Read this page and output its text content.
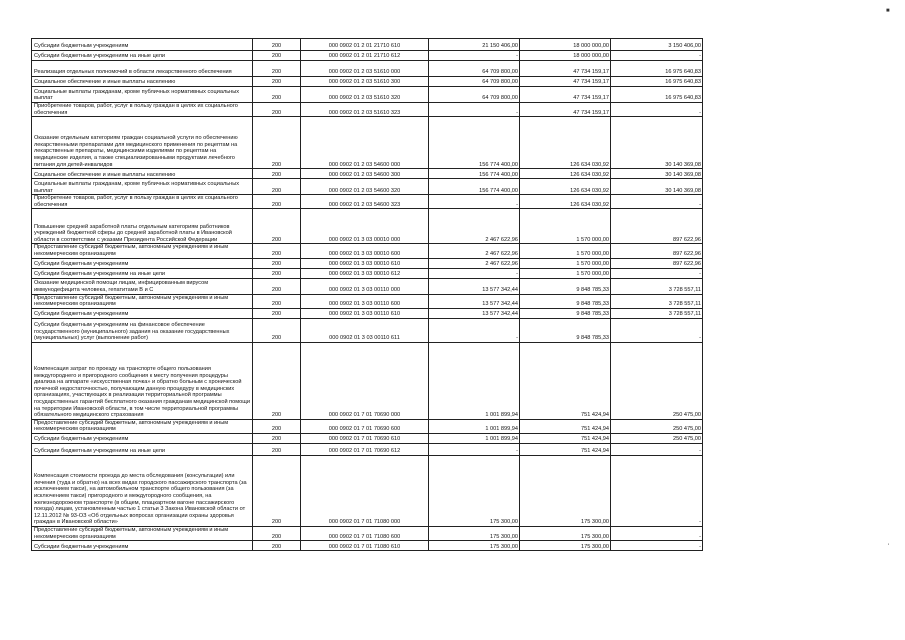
Субсидии бюджетным учреждениям	200	000 0902 01 2 01 21710 610	21 150 406,00	18 000 000,00	3 150 406,00
Субсидии бюджетным учреждениям на иные цели	200	000 0902 01 2 01 21710 612	-	18 000 000,00	-
Реализация отдельных полномочий в области лекарственного обеспечения	200	000 0902 01 2 03 51610 000	64 709 800,00	47 734 159,17	16 975 640,83
Социальное обеспечение и иные выплаты населению	200	000 0902 01 2 03 51610 300	64 709 800,00	47 734 159,17	16 975 640,83
Социальные выплаты гражданам, кроме публичных нормативных социальных выплат	200	000 0902 01 2 03 51610 320	64 709 800,00	47 734 159,17	16 975 640,83
Приобретение товаров, работ, услуг в пользу граждан в целях их социального обеспечения	200	000 0902 01 2 03 51610 323	-	47 734 159,17	-
Оказание отдельным категориям граждан социальной услуги по обеспечению лекарственными препаратами для медицинского применения по рецептам на лекарственные препараты, медицинскими изделиями по рецептам на медицинские изделия, а также специализированными продуктами лечебного питания для детей-инвалидов	200	000 0902 01 2 03 54600 000	156 774 400,00	126 634 030,92	30 140 369,08
Социальное обеспечение и иные выплаты населению	200	000 0902 01 2 03 54600 300	156 774 400,00	126 634 030,92	30 140 369,08
Социальные выплаты гражданам, кроме публичных нормативных социальных выплат	200	000 0902 01 2 03 54600 320	156 774 400,00	126 634 030,92	30 140 369,08
Приобретение товаров, работ, услуг в пользу граждан в целях их социального обеспечения	200	000 0902 01 2 03 54600 323	-	126 634 030,92	-
Повышение средней заработной платы отдельным категориям работников учреждений бюджетной сферы до средней заработной платы в Ивановской области в соответствии с указами Президента Российской Федерации	200	000 0902 01 3 03 00010 000	2 467 622,96	1 570 000,00	897 622,96
Предоставление субсидий бюджетным, автономным учреждениям и иным некоммерческим организациям	200	000 0902 01 3 03 00010 600	2 467 622,96	1 570 000,00	897 622,96
Субсидии бюджетным учреждениям	200	000 0902 01 3 03 00010 610	2 467 622,96	1 570 000,00	897 622,96
Субсидии бюджетным учреждениям на иные цели	200	000 0902 01 3 03 00010 612	-	1 570 000,00	-
Оказание медицинской помощи лицам, инфицированным вирусом иммунодефицита человека, гепатитами B и C	200	000 0902 01 3 03 00110 000	13 577 342,44	9 848 785,33	3 728 557,11
Предоставление субсидий бюджетным, автономным учреждениям и иным некоммерческим организациям	200	000 0902 01 3 03 00110 600	13 577 342,44	9 848 785,33	3 728 557,11
Субсидии бюджетным учреждениям	200	000 0902 01 3 03 00110 610	13 577 342,44	9 848 785,33	3 728 557,11
Субсидии бюджетным учреждениям на финансовое обеспечение государственного (муниципального) задания на оказание государственных (муниципальных) услуг (выполнение работ)	200	000 0902 01 3 03 00110 611	-	9 848 785,33	-
Компенсация затрат по проезду на транспорте общего пользования междугороднего и пригородного сообщения к месту получения процедуры диализа на аппарате «искусственная почка» и обратно больным с хронической почечной недостаточностью, получающим данную процедуру в медицинских организациях, участвующих в реализации территориальной программы государственных гарантий бесплатного оказания гражданам медицинской помощи на территории Ивановской области, в том числе территориальной программы обязательного медицинского страхования	200	000 0902 01 7 01 70690 000	1 001 899,94	751 424,94	250 475,00
Предоставление субсидий бюджетным, автономным учреждениям и иным некоммерческим организациям	200	000 0902 01 7 01 70690 600	1 001 899,94	751 424,94	250 475,00
Субсидии бюджетным учреждениям	200	000 0902 01 7 01 70690 610	1 001 899,94	751 424,94	250 475,00
Субсидии бюджетным учреждениям на иные цели	200	000 0902 01 7 01 70690 612	-	751 424,94	-
Компенсация стоимости проезда до места обследования (консультации) или лечения (туда и обратно) на всех видах городского пассажирского транспорта (за исключением такси), на автомобильном транспорте общего пользования (за исключением такси) пригородного и междугородного сообщения, на железнодорожном транспорте (в общем, плацкартном вагоне пассажирского поезда) лицам, установленным частью 1 статьи 3 Закона Ивановской области от 12.11.2012 № 93-ОЗ «Об отдельных вопросах организации охраны здоровья граждан в Ивановской области»	200	000 0902 01 7 01 71080 000	175 300,00	175 300,00	-
Предоставление субсидий бюджетным, автономным учреждениям и иным некоммерческим организациям	200	000 0902 01 7 01 71080 600	175 300,00	175 300,00	-
Субсидии бюджетным учреждениям	200	000 0902 01 7 01 71080 610	175 300,00	175 300,00	-
■
'
